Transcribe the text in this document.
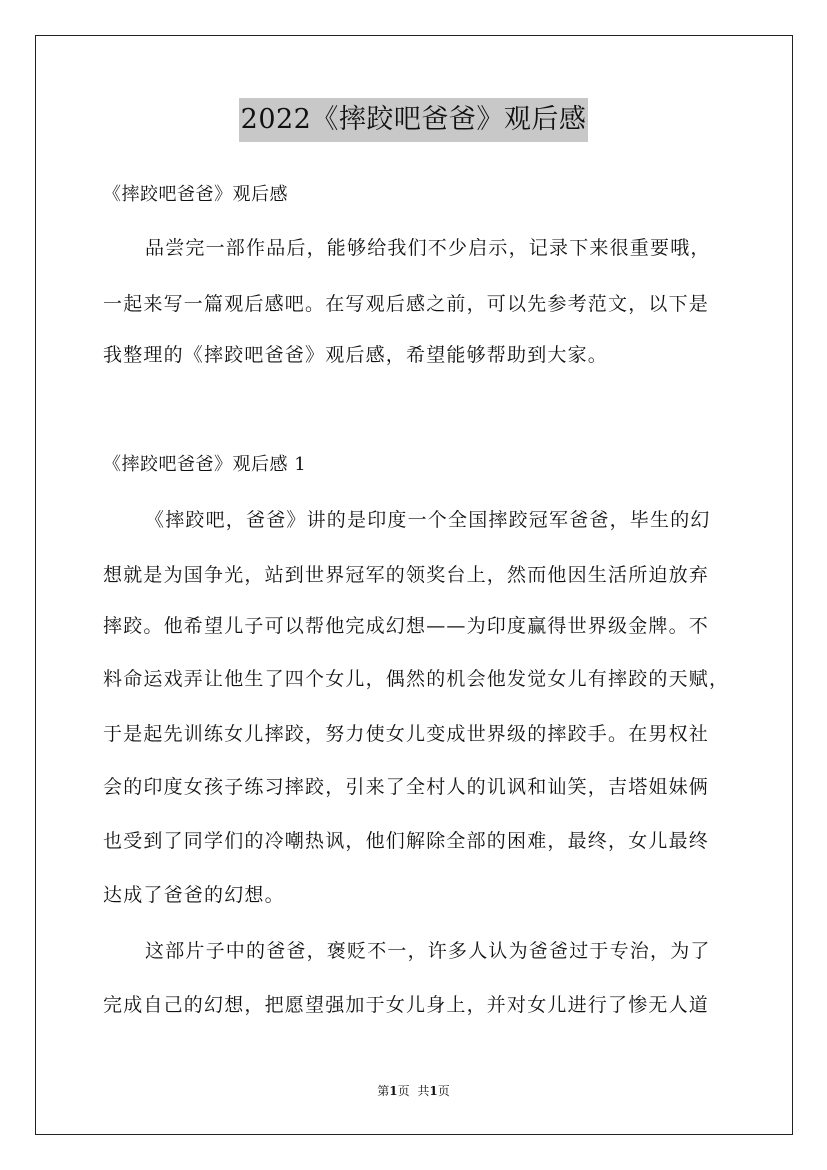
2022《摔跤吧爸爸》观后感
《摔跤吧爸爸》观后感
品尝完一部作品后，能够给我们不少启示，记录下来很重要哦，
一起来写一篇观后感吧。在写观后感之前，可以先参考范文，以下是
我整理的《摔跤吧爸爸》观后感，希望能够帮助到大家。
《摔跤吧爸爸》观后感 1
《摔跤吧，爸爸》讲的是印度一个全国摔跤冠军爸爸，毕生的幻
想就是为国争光，站到世界冠军的领奖台上，然而他因生活所迫放弃
摔跤。他希望儿子可以帮他完成幻想——为印度赢得世界级金牌。不
料命运戏弄让他生了四个女儿，偶然的机会他发觉女儿有摔跤的天赋，
于是起先训练女儿摔跤，努力使女儿变成世界级的摔跤手。在男权社
会的印度女孩子练习摔跤，引来了全村人的讥讽和讪笑，吉塔姐妹俩
也受到了同学们的冷嘲热讽，他们解除全部的困难，最终，女儿最终
达成了爸爸的幻想。
这部片子中的爸爸，褒贬不一，许多人认为爸爸过于专治，为了
完成自己的幻想，把愿望强加于女儿身上，并对女儿进行了惨无人道
第1页 共1页
